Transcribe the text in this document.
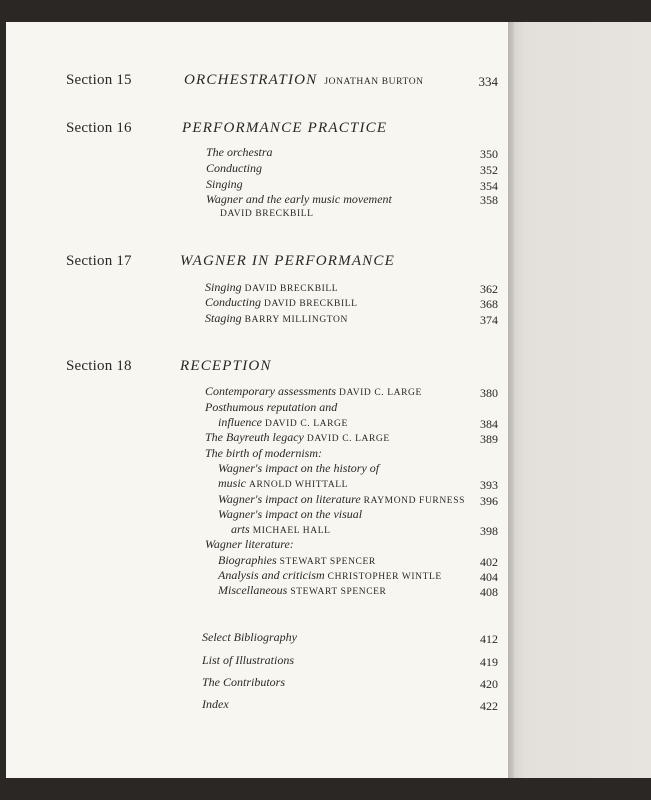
Section 15	ORCHESTRATION JONATHAN BURTON	334
Section 16	PERFORMANCE PRACTICE
The orchestra	350
Conducting	352
Singing	354
Wagner and the early music movement	358
DAVID BRECKBILL
Section 17	WAGNER IN PERFORMANCE
Singing DAVID BRECKBILL	362
Conducting DAVID BRECKBILL	368
Staging BARRY MILLINGTON	374
Section 18	RECEPTION
Contemporary assessments DAVID C. LARGE	380
Posthumous reputation and
influence DAVID C. LARGE	384
The Bayreuth legacy DAVID C. LARGE	389
The birth of modernism:
Wagner's impact on the history of
music ARNOLD WHITTALL	393
Wagner's impact on literature RAYMOND FURNESS	396
Wagner's impact on the visual
arts MICHAEL HALL	398
Wagner literature:
Biographies STEWART SPENCER	402
Analysis and criticism CHRISTOPHER WINTLE	404
Miscellaneous STEWART SPENCER	408
Select Bibliography	412
List of Illustrations	419
The Contributors	420
Index	422
